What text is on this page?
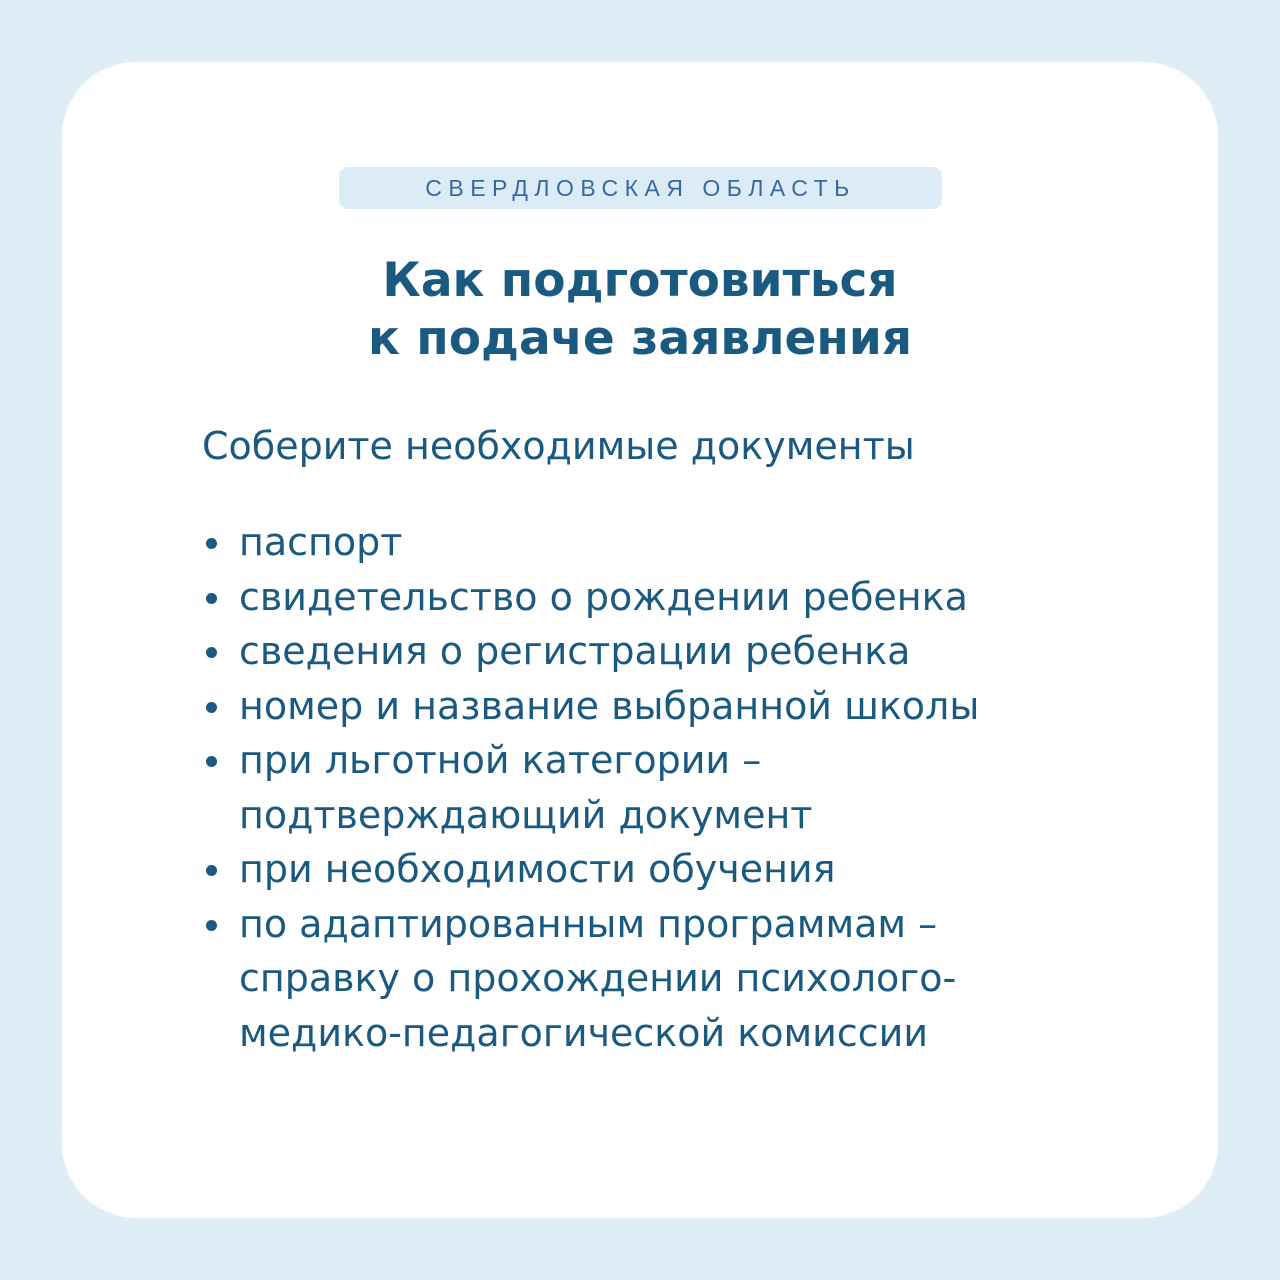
СВЕРДЛОВСКАЯ ОБЛАСТЬ
Как подготовиться
к подаче заявления
Соберите необходимые документы
паспорт
свидетельство о рождении ребенка
сведения о регистрации ребенка
номер и название выбранной школы
при льготной категории –
подтверждающий документ
при необходимости обучения
по адаптированным программам –
справку о прохождении психолого-
медико-педагогической комиссии
